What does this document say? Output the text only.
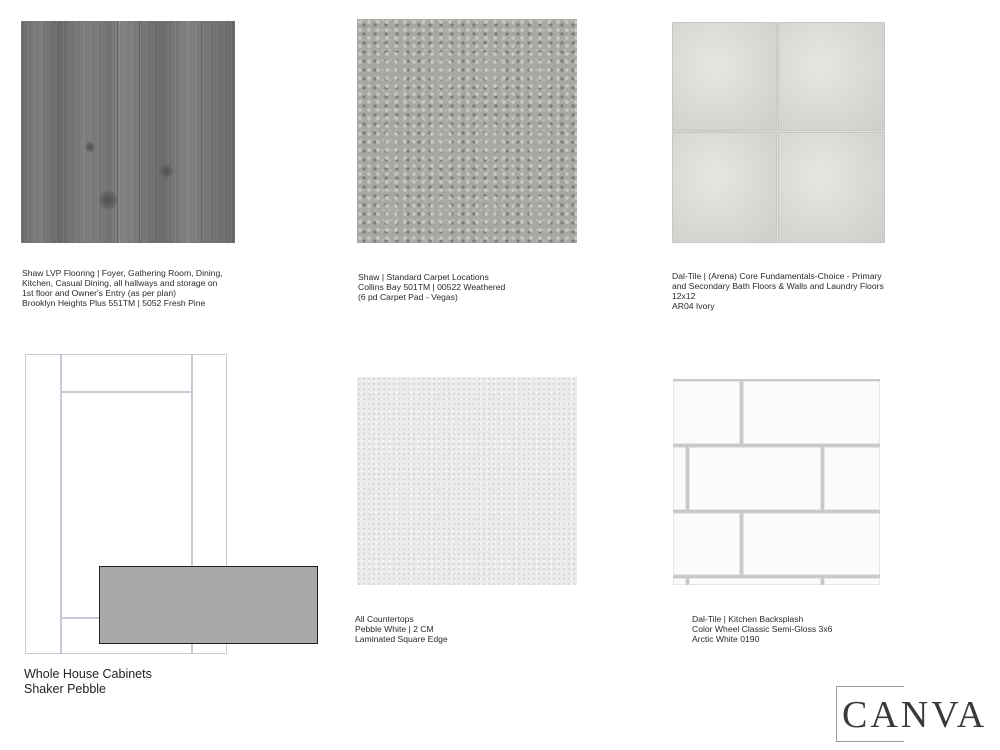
Shaw LVP Flooring | Foyer, Gathering Room, Dining,
Kitchen, Casual Dining, all hallways and storage on
1st floor and Owner's Entry (as per plan)
Brooklyn Heights Plus 551TM | 5052 Fresh Pine
Shaw | Standard Carpet Locations
Collins Bay 501TM | 00522 Weathered
(6 pd Carpet Pad - Vegas)
Dal-Tile | (Arena) Core Fundamentals-Choice - Primary
and Secondary Bath Floors & Walls and Laundry Floors
12x12
AR04 Ivory
Whole House Cabinets
Shaker Pebble
All Countertops
Pebble White | 2 CM
Laminated Square Edge
Dal-Tile | Kitchen Backsplash
Color Wheel Classic Semi-Gloss 3x6
Arctic White 0190
CANVA
